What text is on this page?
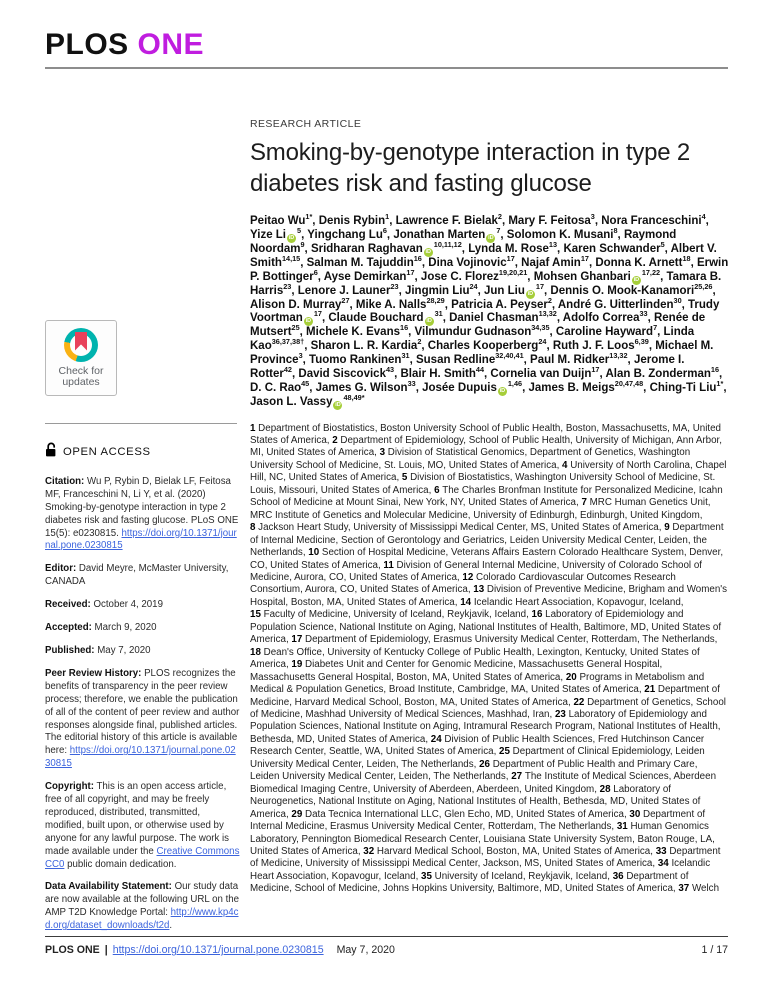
PLOS ONE
Check for
updates
OPEN ACCESS

Citation: Wu P, Rybin D, Bielak LF, Feitosa MF, Franceschini N, Li Y, et al. (2020) Smoking-by-genotype interaction in type 2 diabetes risk and fasting glucose. PLoS ONE 15(5): e0230815. https://doi.org/10.1371/journal.pone.0230815

Editor: David Meyre, McMaster University, CANADA

Received: October 4, 2019

Accepted: March 9, 2020

Published: May 7, 2020

Peer Review History: PLOS recognizes the benefits of transparency in the peer review process; therefore, we enable the publication of all of the content of peer review and author responses alongside final, published articles. The editorial history of this article is available here: https://doi.org/10.1371/journal.pone.0230815

Copyright: This is an open access article, free of all copyright, and may be freely reproduced, distributed, transmitted, modified, built upon, or otherwise used by anyone for any lawful purpose. The work is made available under the Creative Commons CC0 public domain dedication.

Data Availability Statement: Our study data are now available at the following URL on the AMP T2D Knowledge Portal: http://www.kp4cd.org/dataset_downloads/t2d.

RESEARCH ARTICLE
Smoking-by-genotype interaction in type 2 diabetes risk and fasting glucose
Peitao $Wu^{1*}$, Denis Rybin$^1$, Lawrence F. Bielak$^2$, Mary F. Feitosa$^3$, Nora Franceschini$^4$, Yize Li $iD^5$, Yingchang Lu$^6$, Jonathan Marten $iD^7$, Solomon K. Musani$^8$, Raymond Noordam$^9$, Sridharan Raghavan iD$^{10,11,12}$, Lynda M. Rose$^{13}$, Karen Schwander$^5$, Albert V. Smith$^{14,15}$, Salman M. Tajuddin$^{16}$, Dina Vojinovic$^{17}$, Najaf Amin$^{17}$, Donna K. Arnett$^{18}$, Erwin P. Bottinger$^6$, Ayse Demirkan$^{17}$, Jose C. Florez$^{19,20,21}$, Mohsen Ghanbari iD$^{17,22}$, Tamara B. Harris$^{23}$, Lenore J. Launer$^{23}$, Jingmin Liu$^{24}$, Jun Liu $iD^{17}$, Dennis O. Mook-Kanamori$^{25,26}$, Alison D. Murray$^{27}$, Mike A. Nalls$^{28,29}$, Patricia A. Peyser$^2$, André G. Uitterlinden$^{30}$, Trudy Voortman $iD^{17}$, Claude Bouchard $iD^{31}$, Daniel Chasman$^{13,32}$, Adolfo Correa$^{33}$, Renée de Mutsert$^{25}$, Michele K. Evans$^{16}$, Vilmundur Gudnason$^{34,35}$, Caroline Hayward$^7$, Linda Kao$^{36,37,38\dagger}$, Sharon L. R. Kardia$^2$, Charles Kooperberg$^{24}$, Ruth J. F. Loos$^{6,39}$, Michael M. Province$^3$, Tuomo Rankinen$^{31}$, Susan Redline$^{32,40,41}$, Paul M. Ridker$^{13,32}$, Jerome I. Rotter$^{42}$, David Siscovick$^{43}$, Blair H. Smith$^{44}$, Cornelia van Duijn$^{17}$, Alan B. Zonderman$^{16}$, D. C. Rao$^{45}$, James G. Wilson$^{33}$, Josée Dupuis iD$^{1,46}$, James B. Meigs$^{20,47,48}$, Ching-Ti Liu$^{1*}$, Jason L. Vassy $iD^{48,49*}$
1 Department of Biostatistics, Boston University School of Public Health, Boston, Massachusetts, MA, United States of America, 2 Department of Epidemiology, School of Public Health, University of Michigan, Ann Arbor, MI, United States of America, 3 Division of Statistical Genomics, Department of Genetics, Washington University School of Medicine, St. Louis, MO, United States of America, 4 University of North Carolina, Chapel Hill, NC, United States of America, 5 Division of Biostatistics, Washington University School of Medicine, St. Louis, Missouri, United States of America, 6 The Charles Bronfman Institute for Personalized Medicine, Icahn School of Medicine at Mount Sinai, New York, NY, United States of America, 7 MRC Human Genetics Unit, MRC Institute of Genetics and Molecular Medicine, University of Edinburgh, Edinburgh, United Kingdom, 8 Jackson Heart Study, University of Mississippi Medical Center, MS, United States of America, 9 Department of Internal Medicine, Section of Gerontology and Geriatrics, Leiden University Medical Center, Leiden, the Netherlands, 10 Section of Hospital Medicine, Veterans Affairs Eastern Colorado Healthcare System, Denver, CO, United States of America, 11 Division of General Internal Medicine, University of Colorado School of Medicine, Aurora, CO, United States of America, 12 Colorado Cardiovascular Outcomes Research Consortium, Aurora, CO, United States of America, 13 Division of Preventive Medicine, Brigham and Women's Hospital, Boston, MA, United States of America, 14 Icelandic Heart Association, Kopavogur, Iceland, 15 Faculty of Medicine, University of Iceland, Reykjavik, Iceland, 16 Laboratory of Epidemiology and Population Science, National Institute on Aging, National Institutes of Health, Baltimore, MD, United States of America, 17 Department of Epidemiology, Erasmus University Medical Center, Rotterdam, The Netherlands, 18 Dean's Office, University of Kentucky College of Public Health, Lexington, Kentucky, United States of America, 19 Diabetes Unit and Center for Genomic Medicine, Massachusetts General Hospital, Massachusetts General Hospital, Boston, MA, United States of America, 20 Programs in Metabolism and Medical & Population Genetics, Broad Institute, Cambridge, MA, United States of America, 21 Department of Medicine, Harvard Medical School, Boston, MA, United States of America, 22 Department of Genetics, School of Medicine, Mashhad University of Medical Sciences, Mashhad, Iran, 23 Laboratory of Epidemiology and Population Sciences, National Institute on Aging, Intramural Research Program, National Institutes of Health, Bethesda, MD, United States of America, 24 Division of Public Health Sciences, Fred Hutchinson Cancer Research Center, Seattle, WA, United States of America, 25 Department of Clinical Epidemiology, Leiden University Medical Center, Leiden, The Netherlands, 26 Department of Public Health and Primary Care, Leiden University Medical Center, Leiden, The Netherlands, 27 The Institute of Medical Sciences, Aberdeen Biomedical Imaging Centre, University of Aberdeen, Aberdeen, United Kingdom, 28 Laboratory of Neurogenetics, National Institute on Aging, National Institutes of Health, Bethesda, MD, United States of America, 29 Data Tecnica International LLC, Glen Echo, MD, United States of America, 30 Department of Internal Medicine, Erasmus University Medical Center, Rotterdam, The Netherlands, 31 Human Genomics Laboratory, Pennington Biomedical Research Center, Louisiana State University System, Baton Rouge, LA, United States of America, 32 Harvard Medical School, Boston, MA, United States of America, 33 Department of Medicine, University of Mississippi Medical Center, Jackson, MS, United States of America, 34 Icelandic Heart Association, Kopavogur, Iceland, 35 University of Iceland, Reykjavik, Iceland, 36 Department of Medicine, School of Medicine, Johns Hopkins University, Baltimore, MD, United States of America, 37 Welch
PLOS ONE | https://doi.org/10.1371/journal.pone.0230815 May 7, 2020	1 / 17
